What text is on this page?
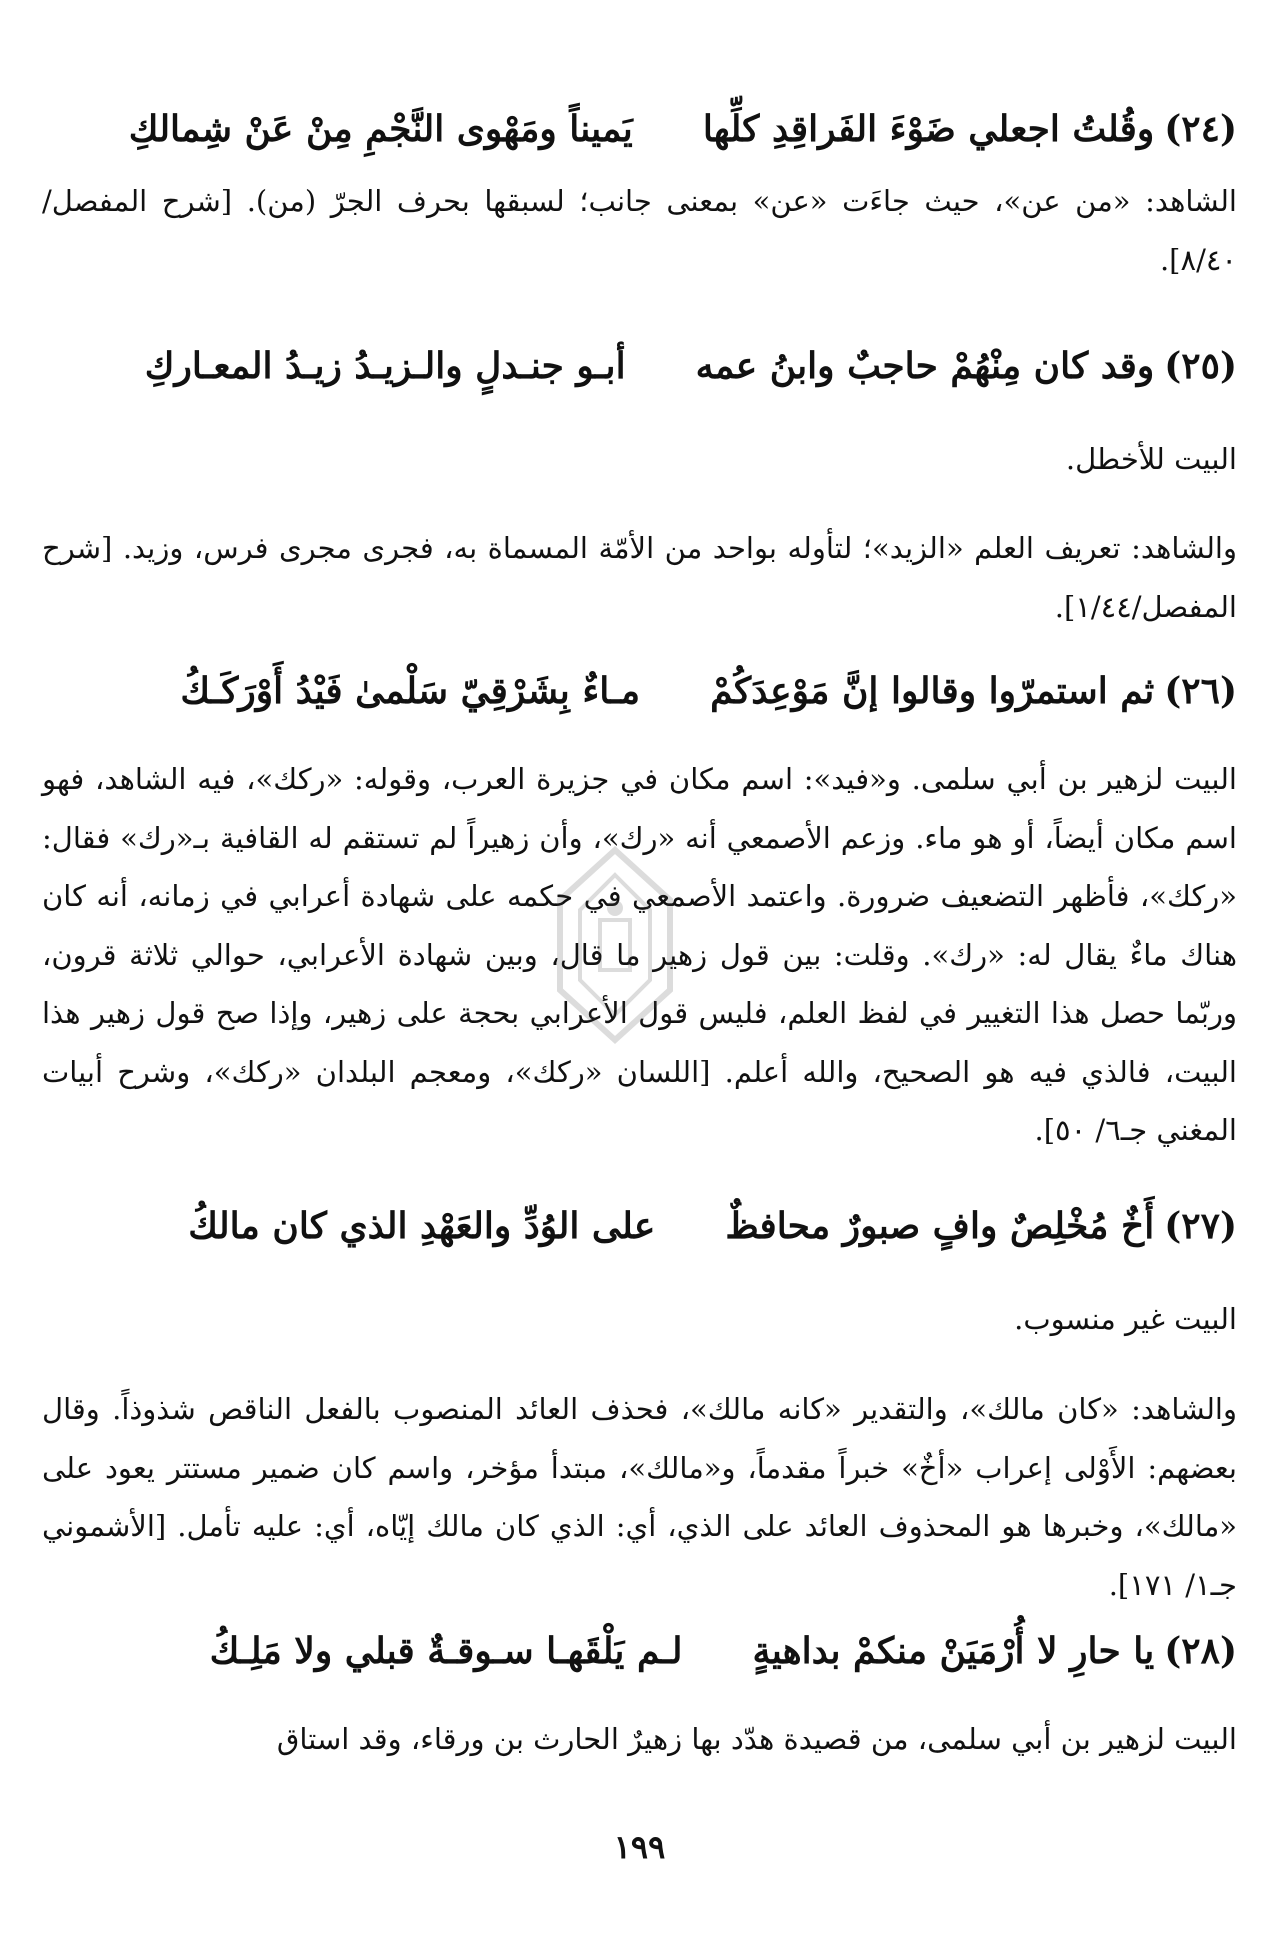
(٢٤)
وقُلتُ اجعلي ضَوْءَ الفَراقِدِ كلِّها
يَميناً ومَهْوى النَّجْمِ مِنْ عَنْ شِمالكِ

الشاهد: «من عن»، حيث جاءَت «عن» بمعنى جانب؛ لسبقها بحرف الجرّ (من). [شرح المفصل/٨/٤٠].

(٢٥)
وقد كان مِنْهُمْ حاجبٌ وابنُ عمه
أبـو جنـدلٍ والـزيـدُ زيـدُ المعـاركِ

البيت للأخطل.

والشاهد: تعريف العلم «الزيد»؛ لتأوله بواحد من الأمّة المسماة به، فجرى مجرى فرس، وزيد. [شرح المفصل/١/٤٤].

(٢٦)
ثم استمرّوا وقالوا إنَّ مَوْعِدَكُمْ
مـاءٌ بِشَرْقِيّ سَلْمىٰ فَيْدُ أَوْرَكَـكُ

البيت لزهير بن أبي سلمى. و«فيد»: اسم مكان في جزيرة العرب، وقوله: «ركك»، فيه الشاهد، فهو اسم مكان أيضاً، أو هو ماء. وزعم الأصمعي أنه «رك»، وأن زهيراً لم تستقم له القافية بـ«رك» فقال: «ركك»، فأظهر التضعيف ضرورة. واعتمد الأصمعي في حكمه على شهادة أعرابي في زمانه، أنه كان هناك ماءٌ يقال له: «رك». وقلت: بين قول زهير ما قال، وبين شهادة الأعرابي، حوالي ثلاثة قرون، وربّما حصل هذا التغيير في لفظ العلم، فليس قول الأعرابي بحجة على زهير، وإذا صح قول زهير هذا البيت، فالذي فيه هو الصحيح، والله أعلم. [اللسان «ركك»، ومعجم البلدان «ركك»، وشرح أبيات المغني جـ٦/ ٥٠].

(٢٧)
أَخٌ مُخْلِصٌ وافٍ صبورٌ محافظٌ
على الوُدِّ والعَهْدِ الذي كان مالكُ

البيت غير منسوب.

والشاهد: «كان مالك»، والتقدير «كانه مالك»، فحذف العائد المنصوب بالفعل الناقص شذوذاً. وقال بعضهم: الأَوْلى إعراب «أخٌ» خبراً مقدماً، و«مالك»، مبتدأ مؤخر، واسم كان ضمير مستتر يعود على «مالك»، وخبرها هو المحذوف العائد على الذي، أي: الذي كان مالك إيّاه، أي: عليه تأمل. [الأشموني جـ١/ ١٧١].

(٢٨)
يا حارِ لا أُرْمَيَنْ منكمْ بداهيةٍ
لـم يَلْقَهـا سـوقـةٌ قبلي ولا مَلِـكُ

البيت لزهير بن أبي سلمى، من قصيدة هدّد بها زهيرٌ الحارث بن ورقاء، وقد استاق

١٩٩
